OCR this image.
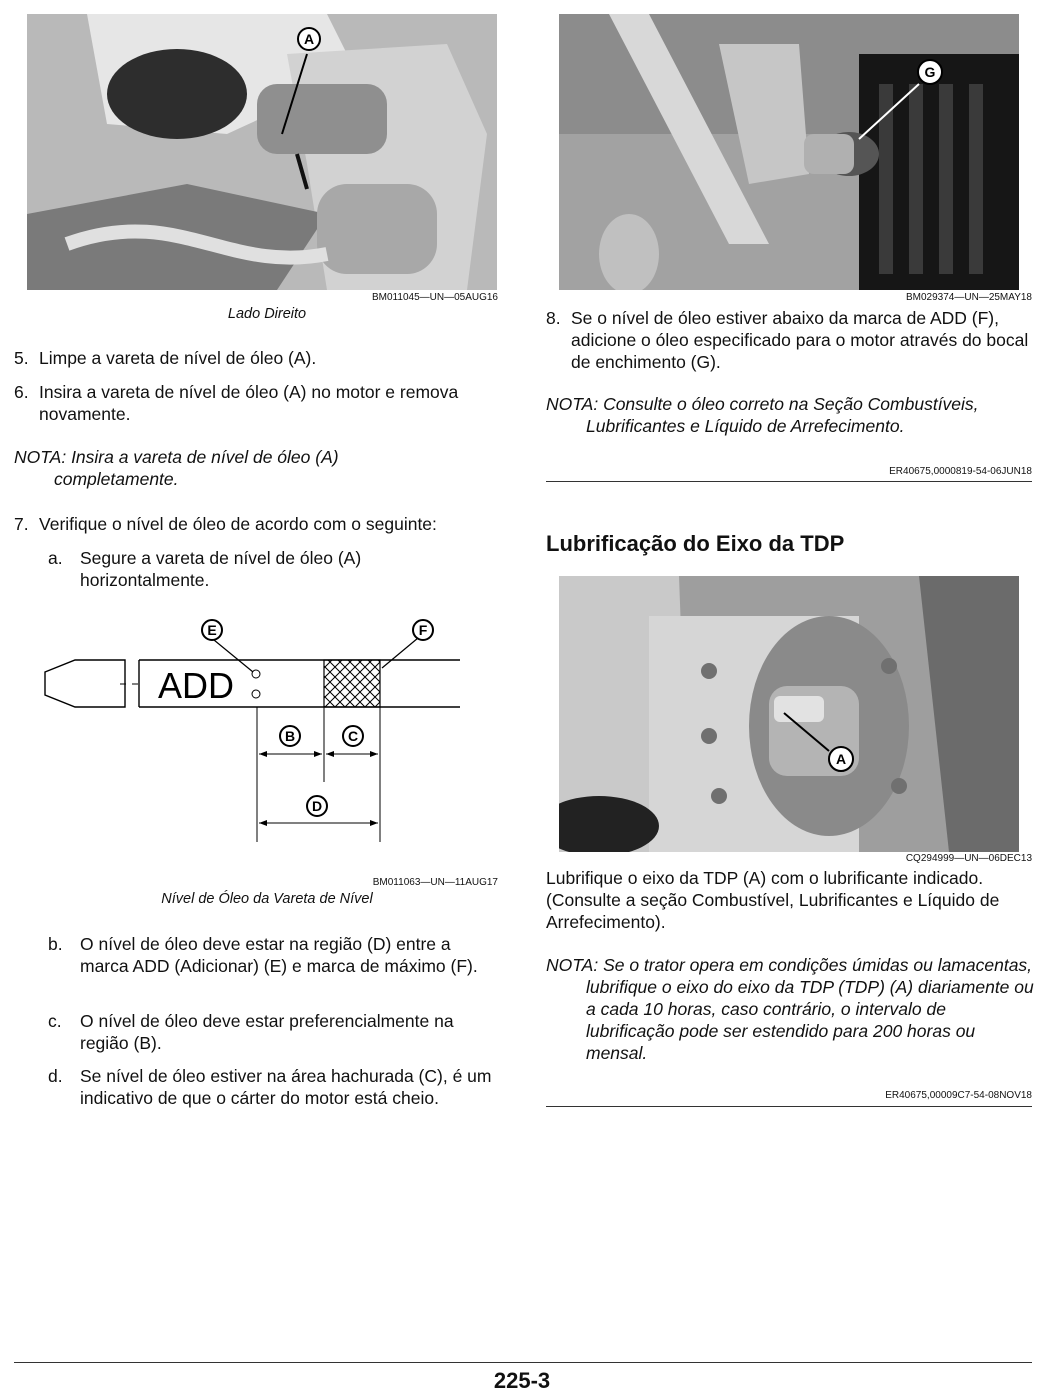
A
BM011045—UN—05AUG16
Lado Direito
5. Limpe a vareta de nível de óleo (A).
6. Insira a vareta de nível de óleo (A) no motor e remova novamente.
NOTA: Insira a vareta de nível de óleo (A) completamente.
7. Verifique o nível de óleo de acordo com o seguinte:
a. Segure a vareta de nível de óleo (A) horizontalmente.
ADD
E	F
B	C
D
BM011063—UN—11AUG17
Nível de Óleo da Vareta de Nível
b. O nível de óleo deve estar na região (D) entre a marca ADD (Adicionar) (E) e marca de máximo (F).
c. O nível de óleo deve estar preferencialmente na região (B).
d. Se nível de óleo estiver na área hachurada (C), é um indicativo de que o cárter do motor está cheio.
G
BM029374—UN—25MAY18
8. Se o nível de óleo estiver abaixo da marca de ADD (F), adicione o óleo especificado para o motor através do bocal de enchimento (G).
NOTA: Consulte o óleo correto na Seção Combustíveis, Lubrificantes e Líquido de Arrefecimento.
ER40675,0000819-54-06JUN18
Lubrificação do Eixo da TDP
A
CQ294999—UN—06DEC13
Lubrifique o eixo da TDP (A) com o lubrificante indicado. (Consulte a seção Combustível, Lubrificantes e Líquido de Arrefecimento).
NOTA: Se o trator opera em condições úmidas ou lamacentas, lubrifique o eixo do eixo da TDP (TDP) (A) diariamente ou a cada 10 horas, caso contrário, o intervalo de lubrificação pode ser estendido para 200 horas ou mensal.
ER40675,00009C7-54-08NOV18
225-3
